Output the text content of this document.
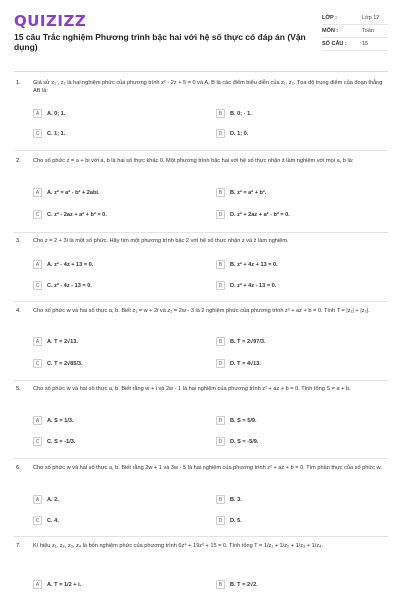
QUIZIZZ
15 câu Trắc nghiệm Phương trình bậc hai với hệ số thực có đáp án (Vận dụng)
LỚP :	Lớp 12
MÔN :	Toán
SỐ CÂU :	15
1. Giả sử z₁ , z₂ là hai nghiệm phức của phương trình z² - 2z + 5 = 0 và A, B là các điểm biểu diễn của z₁, z₂. Tọa độ trung điểm của đoạn thẳng AB là:
A	A. 0; 1.	B	B. 0; - 1.
C	C. 1; 1.	D	D. 1; 0.
2. Cho số phức z = a + bi với a, b là hai số thực khác 0. Một phương trình bậc hai với hệ số thực nhận z̄ làm nghiệm với mọi a, b là:
A	A. z² = a² - b² + 2abi.	B	B. z² = a² + b².
C	C. z² - 2az + a² + b² = 0.	D	D. z² + 2az + a² - b² = 0.
3. Cho z = 2 + 3i là một số phức. Hãy tìm một phương trình bậc 2 với hệ số thực nhận z và z̄ làm nghiệm.
A	A. z² - 4z + 13 = 0.	B	B. z² + 4z + 13 = 0.
C	C. z² - 4z - 13 = 0.	D	D. z² + 4z - 13 = 0.
4. Cho số phức w và hai số thực a, b. Biết z₁ = w + 2i và z₂ = 2w - 3 là 2 nghiệm phức của phương trình z² + az + b = 0. Tính T = |z₁| + |z₂|.
A	A. T = 2√13.	B	B. T = 2√97/3.
C	C. T = 2√85/3.	D	D. T = 4√13.
5. Cho số phức w và hai số thực a, b. Biết rằng w + i và 2w - 1 là hai nghiệm của phương trình z² + az + b = 0. Tính tổng S = a + b.
A	A. S = 1/3.	B	B. S = 5/9.
C	C. S = -1/3.	D	D. S = -5/9.
6. Cho số phức w và hai số thực a, b. Biết rằng 2w + 1 và 3w - 5 là hai nghiệm của phương trình z² + az + b = 0. Tìm phần thực của số phức w.
A	A. 2.	B	B. 3.
C	C. 4.	D	D. 5.
7. Kí hiệu z₁, z₂, z₃, z₄ là bốn nghiệm phức của phương trình 6z⁴ + 19z² + 15 = 0. Tính tổng T = 1/z₁ + 1/z₂ + 1/z₃ + 1/z₄.
A	A. T = 1/2 + i.	B	B. T = 2√2.
